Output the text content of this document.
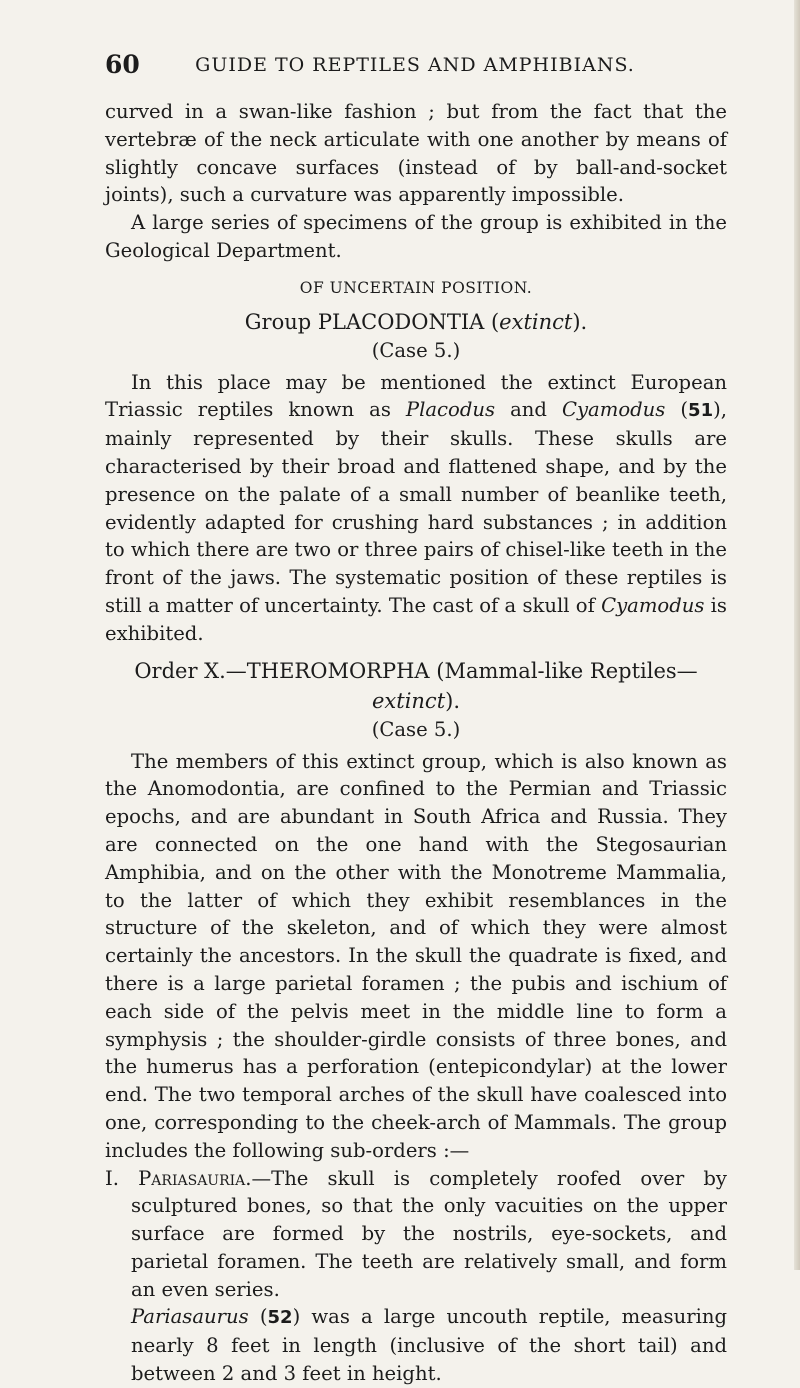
60	GUIDE TO REPTILES AND AMPHIBIANS.

curved in a swan-like fashion ; but from the fact that the vertebræ of the neck articulate with one another by means of slightly concave surfaces (instead of by ball-and-socket joints), such a curvature was apparently impossible.

A large series of specimens of the group is exhibited in the Geological Department.

OF UNCERTAIN POSITION.
Group PLACODONTIA (extinct).
(Case 5.)

In this place may be mentioned the extinct European Triassic reptiles known as Placodus and Cyamodus (51), mainly represented by their skulls. These skulls are characterised by their broad and flattened shape, and by the presence on the palate of a small number of beanlike teeth, evidently adapted for crushing hard substances ; in addition to which there are two or three pairs of chisel-like teeth in the front of the jaws. The systematic position of these reptiles is still a matter of uncertainty. The cast of a skull of Cyamodus is exhibited.

Order X.—THEROMORPHA (Mammal-like Reptiles—extinct).
(Case 5.)

The members of this extinct group, which is also known as the Anomodontia, are confined to the Permian and Triassic epochs, and are abundant in South Africa and Russia. They are connected on the one hand with the Stegosaurian Amphibia, and on the other with the Monotreme Mammalia, to the latter of which they exhibit resemblances in the structure of the skeleton, and of which they were almost certainly the ancestors. In the skull the quadrate is fixed, and there is a large parietal foramen ; the pubis and ischium of each side of the pelvis meet in the middle line to form a symphysis ; the shoulder-girdle consists of three bones, and the humerus has a perforation (entepicondylar) at the lower end. The two temporal arches of the skull have coalesced into one, corresponding to the cheek-arch of Mammals. The group includes the following sub-orders :—

I. Pariasauria.—The skull is completely roofed over by sculptured bones, so that the only vacuities on the upper surface are formed by the nostrils, eye-sockets, and parietal foramen. The teeth are relatively small, and form an even series.

Pariasaurus (52) was a large uncouth reptile, measuring nearly 8 feet in length (inclusive of the short tail) and between 2 and 3 feet in height.
